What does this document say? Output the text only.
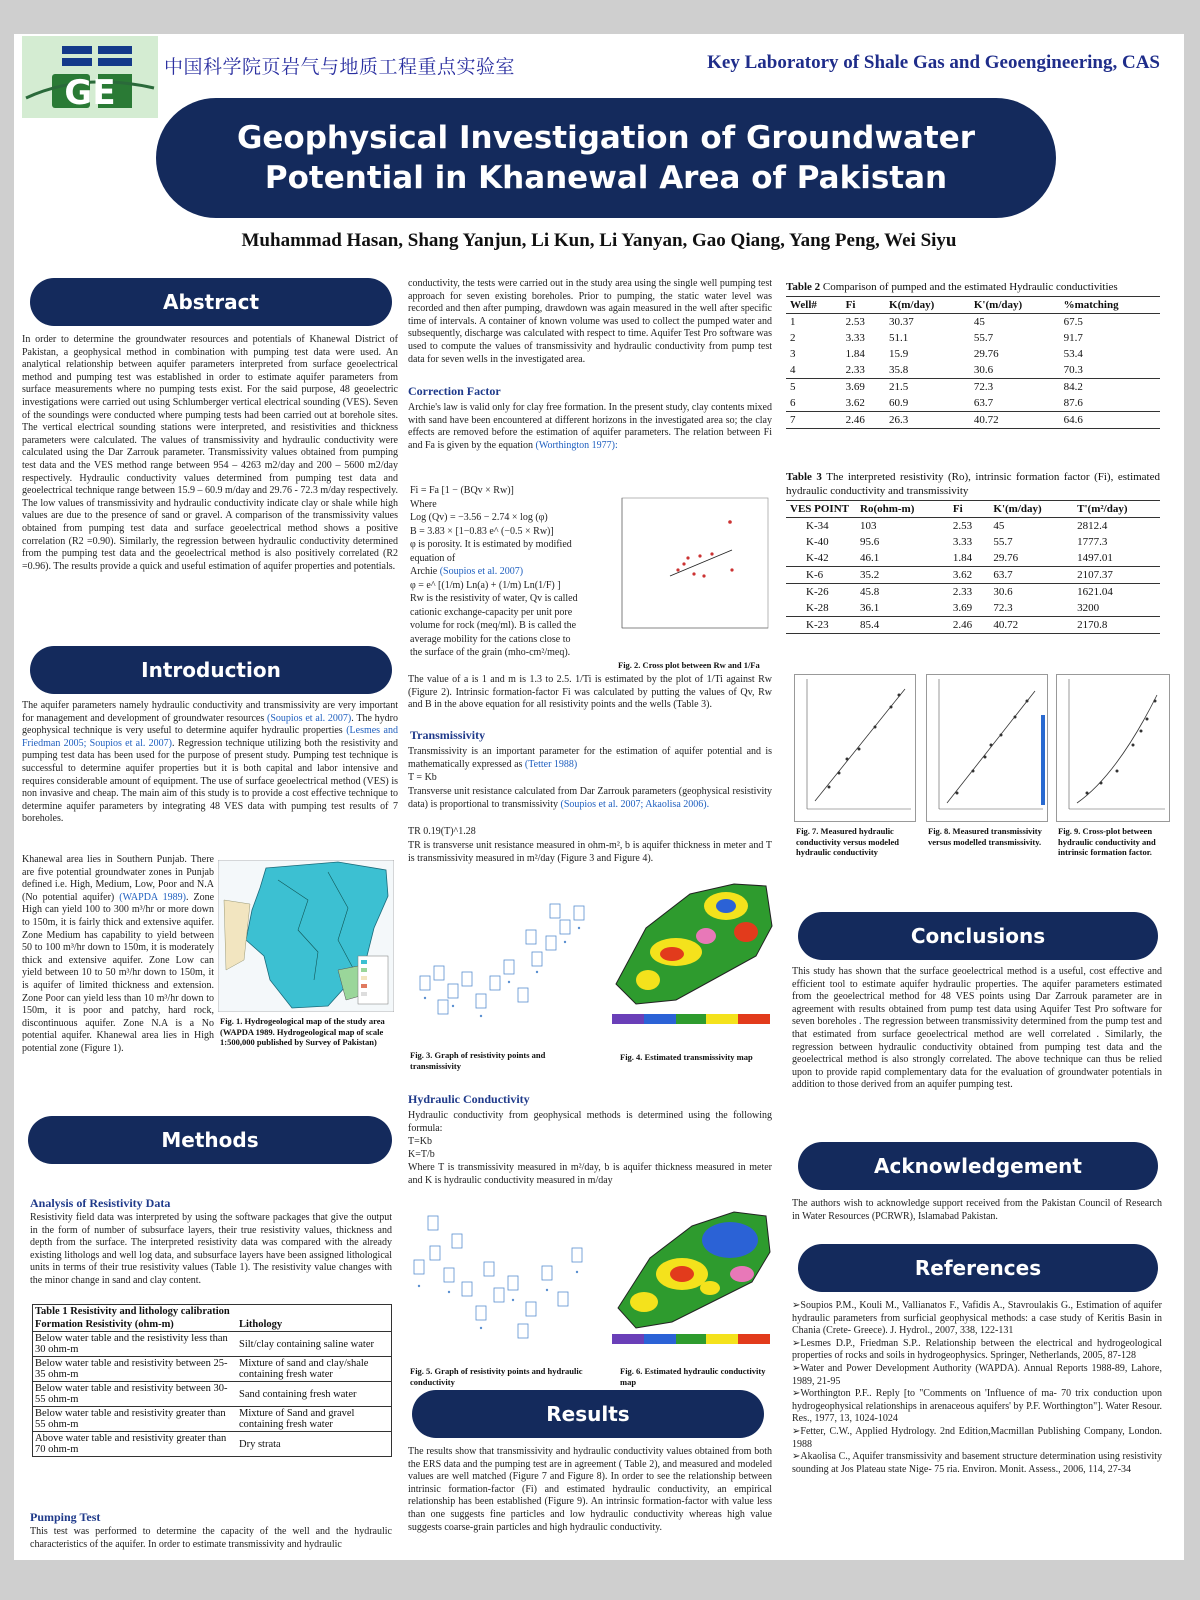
GE
中国科学院页岩气与地质工程重点实验室	Key Laboratory of Shale Gas and Geoengineering, CAS
Geophysical Investigation of Groundwater
Potential in Khanewal Area of Pakistan
Muhammad Hasan, Shang Yanjun, Li Kun, Li Yanyan, Gao Qiang, Yang Peng, Wei Siyu
Abstract
In order to determine the groundwater resources and potentials of Khanewal District of Pakistan, a geophysical method in combination with pumping test data were used. An analytical relationship between aquifer parameters interpreted from surface geoelectrical method and pumping test was established in order to estimate aquifer parameters from surface measurements where no pumping tests exist. For the said purpose, 48 geoelectric investigations were carried out using Schlumberger vertical electrical sounding (VES). Seven of the soundings were conducted where pumping tests had been carried out at borehole sites. The vertical electrical sounding stations were interpreted, and resistivities and thickness parameters were calculated. The values of transmissivity and hydraulic conductivity were calculated using the Dar Zarrouk parameter. Transmissivity values obtained from pumping test data and the VES method range between 954 – 4263 m2/day and 200 – 5600 m2/day respectively. Hydraulic conductivity values determined from pumping test data and geoelectrical technique range between 15.9 – 60.9 m/day and 29.76 - 72.3 m/day respectively. The low values of transmissivity and hydraulic conductivity indicate clay or shale while high values are due to the presence of sand or gravel. A comparison of the transmissivity values obtained from pumping test data and surface geoelectrical method shows a positive correlation (R2 =0.90). Similarly, the regression between hydraulic conductivity determined from the pumping test data and the geoelectrical method is also positively correlated (R2 =0.96). The results provide a quick and useful estimation of aquifer properties and potentials.
Introduction
The aquifer parameters namely hydraulic conductivity and transmissivity are very important for management and development of groundwater resources (Soupios et al. 2007). The hydro geophysical technique is very useful to determine aquifer hydraulic properties (Lesmes and Friedman 2005; Soupios et al. 2007). Regression technique utilizing both the resistivity and pumping test data has been used for the purpose of present study. Pumping test technique is successful to determine aquifer properties but it is both capital and labor intensive and requires considerable amount of equipment. The use of surface geoelectrical method (VES) is non invasive and cheap. The main aim of this study is to provide a cost effective technique to determine aquifer parameters by integrating 48 VES data with pumping test results of 7 boreholes.
Khanewal area lies in Southern Punjab. There are five potential groundwater zones in Punjab defined i.e. High, Medium, Low, Poor and N.A (No potential aquifer) (WAPDA 1989). Zone High can yield 100 to 300 m³/hr or more down to 150m, it is fairly thick and extensive aquifer. Zone Medium has capability to yield between 50 to 100 m³/hr down to 150m, it is moderately thick and extensive aquifer. Zone Low can yield between 10 to 50 m³/hr down to 150m, it is aquifer of limited thickness and extension. Zone Poor can yield less than 10 m³/hr down to 150m, it is poor and patchy, hard rock, discontinuous aquifer. Zone N.A is a No potential aquifer. Khanewal area lies in High potential zone (Figure 1).
Fig. 1. Hydrogeological map of the study area (WAPDA 1989. Hydrogeological map of scale 1:500,000 published by Survey of Pakistan)
Methods
Analysis of Resistivity Data
Resistivity field data was interpreted by using the software packages that give the output in the form of number of subsurface layers, their true resistivity values, thickness and depth from the surface. The interpreted resistivity data was compared with the already existing lithologs and well log data, and subsurface layers have been assigned lithological units in terms of their true resistivity values (Table 1). The resistivity value changes with the minor change in sand and clay content.
Table 1 Resistivity and lithology calibration	
Formation Resistivity (ohm-m)	Lithology
Below water table and the resistivity less than 30 ohm-m	Silt/clay containing saline water
Below water table and resistivity between 25-35 ohm-m	Mixture of sand and clay/shale containing fresh water
Below water table and resistivity between 30-55 ohm-m	Sand containing fresh water
Below water table and resistivity greater than 55 ohm-m	Mixture of Sand and gravel containing fresh water
Above water table and resistivity greater than 70 ohm-m	Dry strata
Pumping Test
This test was performed to determine the capacity of the well and the hydraulic characteristics of the aquifer. In order to estimate transmissivity and hydraulic
conductivity, the tests were carried out in the study area using the single well pumping test approach for seven existing boreholes. Prior to pumping, the static water level was recorded and then after pumping, drawdown was again measured in the well after specific time of intervals. A container of known volume was used to collect the pumped water and subsequently, discharge was calculated with respect to time. Aquifer Test Pro software was used to compute the values of transmissivity and hydraulic conductivity from pump test data for seven wells in the investigated area.
Correction Factor
Archie's law is valid only for clay free formation. In the present study, clay contents mixed with sand have been encountered at different horizons in the investigated area so; the clay effects are removed before the estimation of aquifer parameters. The relation between Fi and Fa is given by the equation (Worthington 1977):
Fi = Fa [1 − (BQv × Rw)]
Where
Log (Qv) = −3.56 − 2.74 × log (φ)
B = 3.83 × [1−0.83 e^ (−0.5 × Rw)]
φ is porosity. It is estimated by modified
equation of
Archie (Soupios et al. 2007)
φ = e^ [(1/m) Ln(a) + (1/m) Ln(1/F) ]
Rw is the resistivity of water, Qv is called
cationic exchange-capacity per unit pore
volume for rock (meq/ml). B is called the
average mobility for the cations close to
the surface of the grain (mho-cm²/meq).
Fig. 2. Cross plot between Rw and 1/Fa
The value of a is 1 and m is 1.3 to 2.5. 1/Ti is estimated by the plot of 1/Ti against Rw (Figure 2). Intrinsic formation-factor Fi was calculated by putting the values of Qv, Rw and B in the above equation for all resistivity points and the wells (Table 3).
Transmissivity
Transmissivity is an important parameter for the estimation of aquifer potential and is mathematically expressed as (Tetter 1988)
T = Kb
Transverse unit resistance calculated from Dar Zarrouk parameters (geophysical resistivity data) is proportional to transmissivity (Soupios et al. 2007; Akaolisa 2006).
TR 0.19(T)^1.28
TR is transverse unit resistance measured in ohm-m², b is aquifer thickness in meter and T is transmissivity measured in m²/day (Figure 3 and Figure 4).
Fig. 3. Graph of resistivity points and transmissivity
Fig. 4. Estimated transmissivity map
Hydraulic Conductivity
Hydraulic conductivity from geophysical methods is determined using the following formula:
T=Kb
K=T/b
Where T is transmissivity measured in m²/day, b is aquifer thickness measured in meter and K is hydraulic conductivity measured in m/day
Fig. 5. Graph of resistivity points and hydraulic conductivity
Fig. 6. Estimated hydraulic conductivity map
Results
The results show that transmissivity and hydraulic conductivity values obtained from both the ERS data and the pumping test are in agreement ( Table 2), and measured and modeled values are well matched (Figure 7 and Figure 8). In order to see the relationship between intrinsic formation-factor (Fi) and estimated hydraulic conductivity, an empirical relationship has been established (Figure 9). An intrinsic formation-factor with value less than one suggests fine particles and low hydraulic conductivity whereas high value suggests coarse-grain particles and high hydraulic conductivity.
Table 2 Comparison of pumped and the estimated Hydraulic conductivities
Well#	Fi	K(m/day)	K'(m/day)	%matching
1	2.53	30.37	45	67.5
2	3.33	51.1	55.7	91.7
3	1.84	15.9	29.76	53.4
4	2.33	35.8	30.6	70.3
5	3.69	21.5	72.3	84.2
6	3.62	60.9	63.7	87.6
7	2.46	26.3	40.72	64.6
Table 3 The interpreted resistivity (Ro), intrinsic formation factor (Fi), estimated hydraulic conductivity and transmissivity
VES POINT	Ro(ohm-m)	Fi	K'(m/day)	T'(m²/day)
K-34	103	2.53	45	2812.4
K-40	95.6	3.33	55.7	1777.3
K-42	46.1	1.84	29.76	1497.01
K-6	35.2	3.62	63.7	2107.37
K-26	45.8	2.33	30.6	1621.04
K-28	36.1	3.69	72.3	3200
K-23	85.4	2.46	40.72	2170.8
Fig. 7. Measured hydraulic conductivity versus modeled hydraulic conductivity
Fig. 8. Measured transmissivity versus modelled transmissivity.
Fig. 9. Cross-plot between hydraulic conductivity and intrinsic formation factor.
Conclusions
This study has shown that the surface geoelectrical method is a useful, cost effective and efficient tool to estimate aquifer hydraulic properties. The aquifer parameters estimated from the geoelectrical method for 48 VES points using Dar Zarrouk parameter are in agreement with results obtained from pump test data using Aquifer Test Pro software for seven boreholes . The regression between transmissivity determined from the pump test and that estimated from surface geoelectrical method are well correlated . Similarly, the regression between hydraulic conductivity obtained from pumping test data and the geoelectrical method is also strongly correlated. The above technique can thus be relied upon to provide rapid complementary data for the evaluation of groundwater potentials in addition to those derived from an aquifer pumping test.
Acknowledgement
The authors wish to acknowledge support received from the Pakistan Council of Research in Water Resources (PCRWR), Islamabad Pakistan.
References

➢Soupios P.M., Kouli M., Vallianatos F., Vafidis A., Stavroulakis G., Estimation of aquifer hydraulic parameters from surficial geophysical methods: a case study of Keritis Basin in Chania (Crete- Greece). J. Hydrol., 2007, 338, 122-131

➢Lesmes D.P., Friedman S.P.. Relationship between the electrical and hydrogeological properties of rocks and soils in hydrogeophysics. Springer, Netherlands, 2005, 87-128

➢Water and Power Development Authority (WAPDA). Annual Reports 1988-89, Lahore, 1989, 21-95

➢Worthington P.F.. Reply [to "Comments on 'Influence of ma- 70 trix conduction upon hydrogeophysical relationships in arenaceous aquifers' by P.F. Worthington"]. Water Resour. Res., 1977, 13, 1024-1024

➢Fetter, C.W., Applied Hydrology. 2nd Edition,Macmillan Publishing Company, London. 1988

➢Akaolisa C., Aquifer transmissivity and basement structure determination using resistivity sounding at Jos Plateau state Nige- 75 ria. Environ. Monit. Assess., 2006, 114, 27-34
